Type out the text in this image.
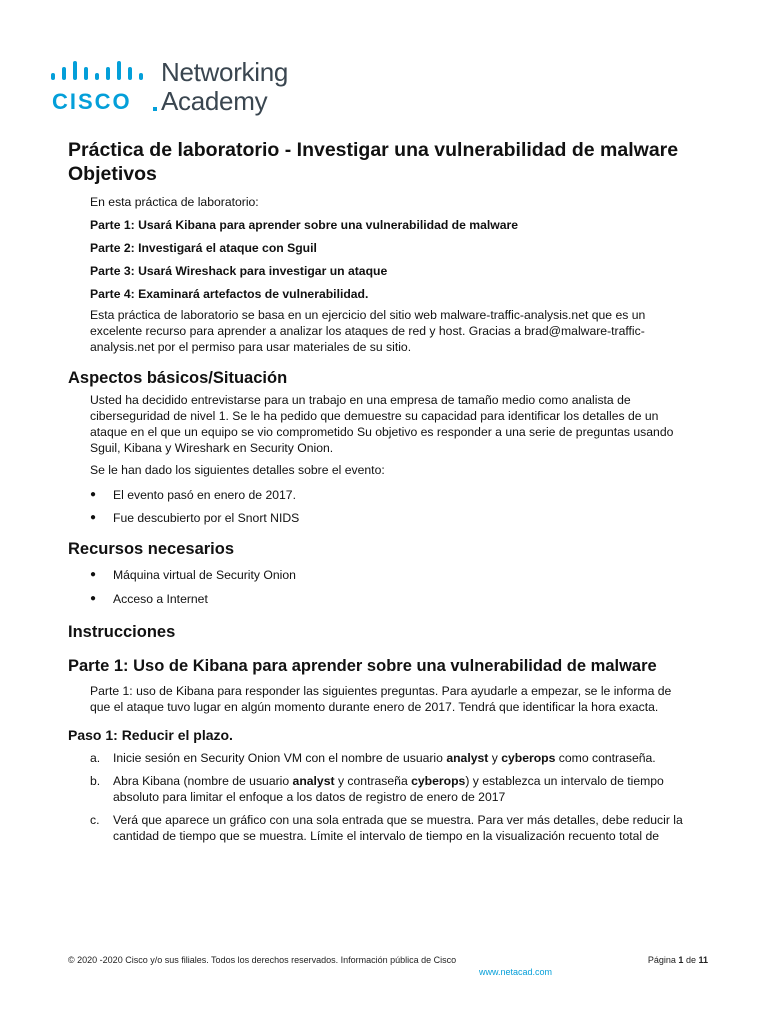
CISCO
Networking
Academy
Práctica de laboratorio - Investigar una vulnerabilidad de malware
Objetivos
En esta práctica de laboratorio:
Parte 1: Usará Kibana para aprender sobre una vulnerabilidad de malware
Parte 2: Investigará el ataque con Sguil
Parte 3: Usará Wireshack para investigar un ataque
Parte 4: Examinará artefactos de vulnerabilidad.
Esta práctica de laboratorio se basa en un ejercicio del sitio web malware-traffic-analysis.net que es un excelente recurso para aprender a analizar los ataques de red y host. Gracias a brad@malware-traffic-analysis.net por el permiso para usar materiales de su sitio.
Aspectos básicos/Situación
Usted ha decidido entrevistarse para un trabajo en una empresa de tamaño medio como analista de ciberseguridad de nivel 1. Se le ha pedido que demuestre su capacidad para identificar los detalles de un ataque en el que un equipo se vio comprometido Su objetivo es responder a una serie de preguntas usando Sguil, Kibana y Wireshark en Security Onion.
Se le han dado los siguientes detalles sobre el evento:
●	El evento pasó en enero de 2017.
●	Fue descubierto por el Snort NIDS
Recursos necesarios
●	Máquina virtual de Security Onion
●	Acceso a Internet
Instrucciones
Parte 1: Uso de Kibana para aprender sobre una vulnerabilidad de malware
Parte 1: uso de Kibana para responder las siguientes preguntas. Para ayudarle a empezar, se le informa de que el ataque tuvo lugar en algún momento durante enero de 2017. Tendrá que identificar la hora exacta.
Paso 1: Reducir el plazo.
a. Inicie sesión en Security Onion VM con el nombre de usuario analyst y cyberops como contraseña.
b. Abra Kibana (nombre de usuario analyst y contraseña cyberops) y establezca un intervalo de tiempo absoluto para limitar el enfoque a los datos de registro de enero de 2017
c. Verá que aparece un gráfico con una sola entrada que se muestra. Para ver más detalles, debe reducir la cantidad de tiempo que se muestra. Límite el intervalo de tiempo en la visualización recuento total de
© 2020 -2020 Cisco y/o sus filiales. Todos los derechos reservados. Información pública de Cisco	Página 1 de 11
www.netacad.com
